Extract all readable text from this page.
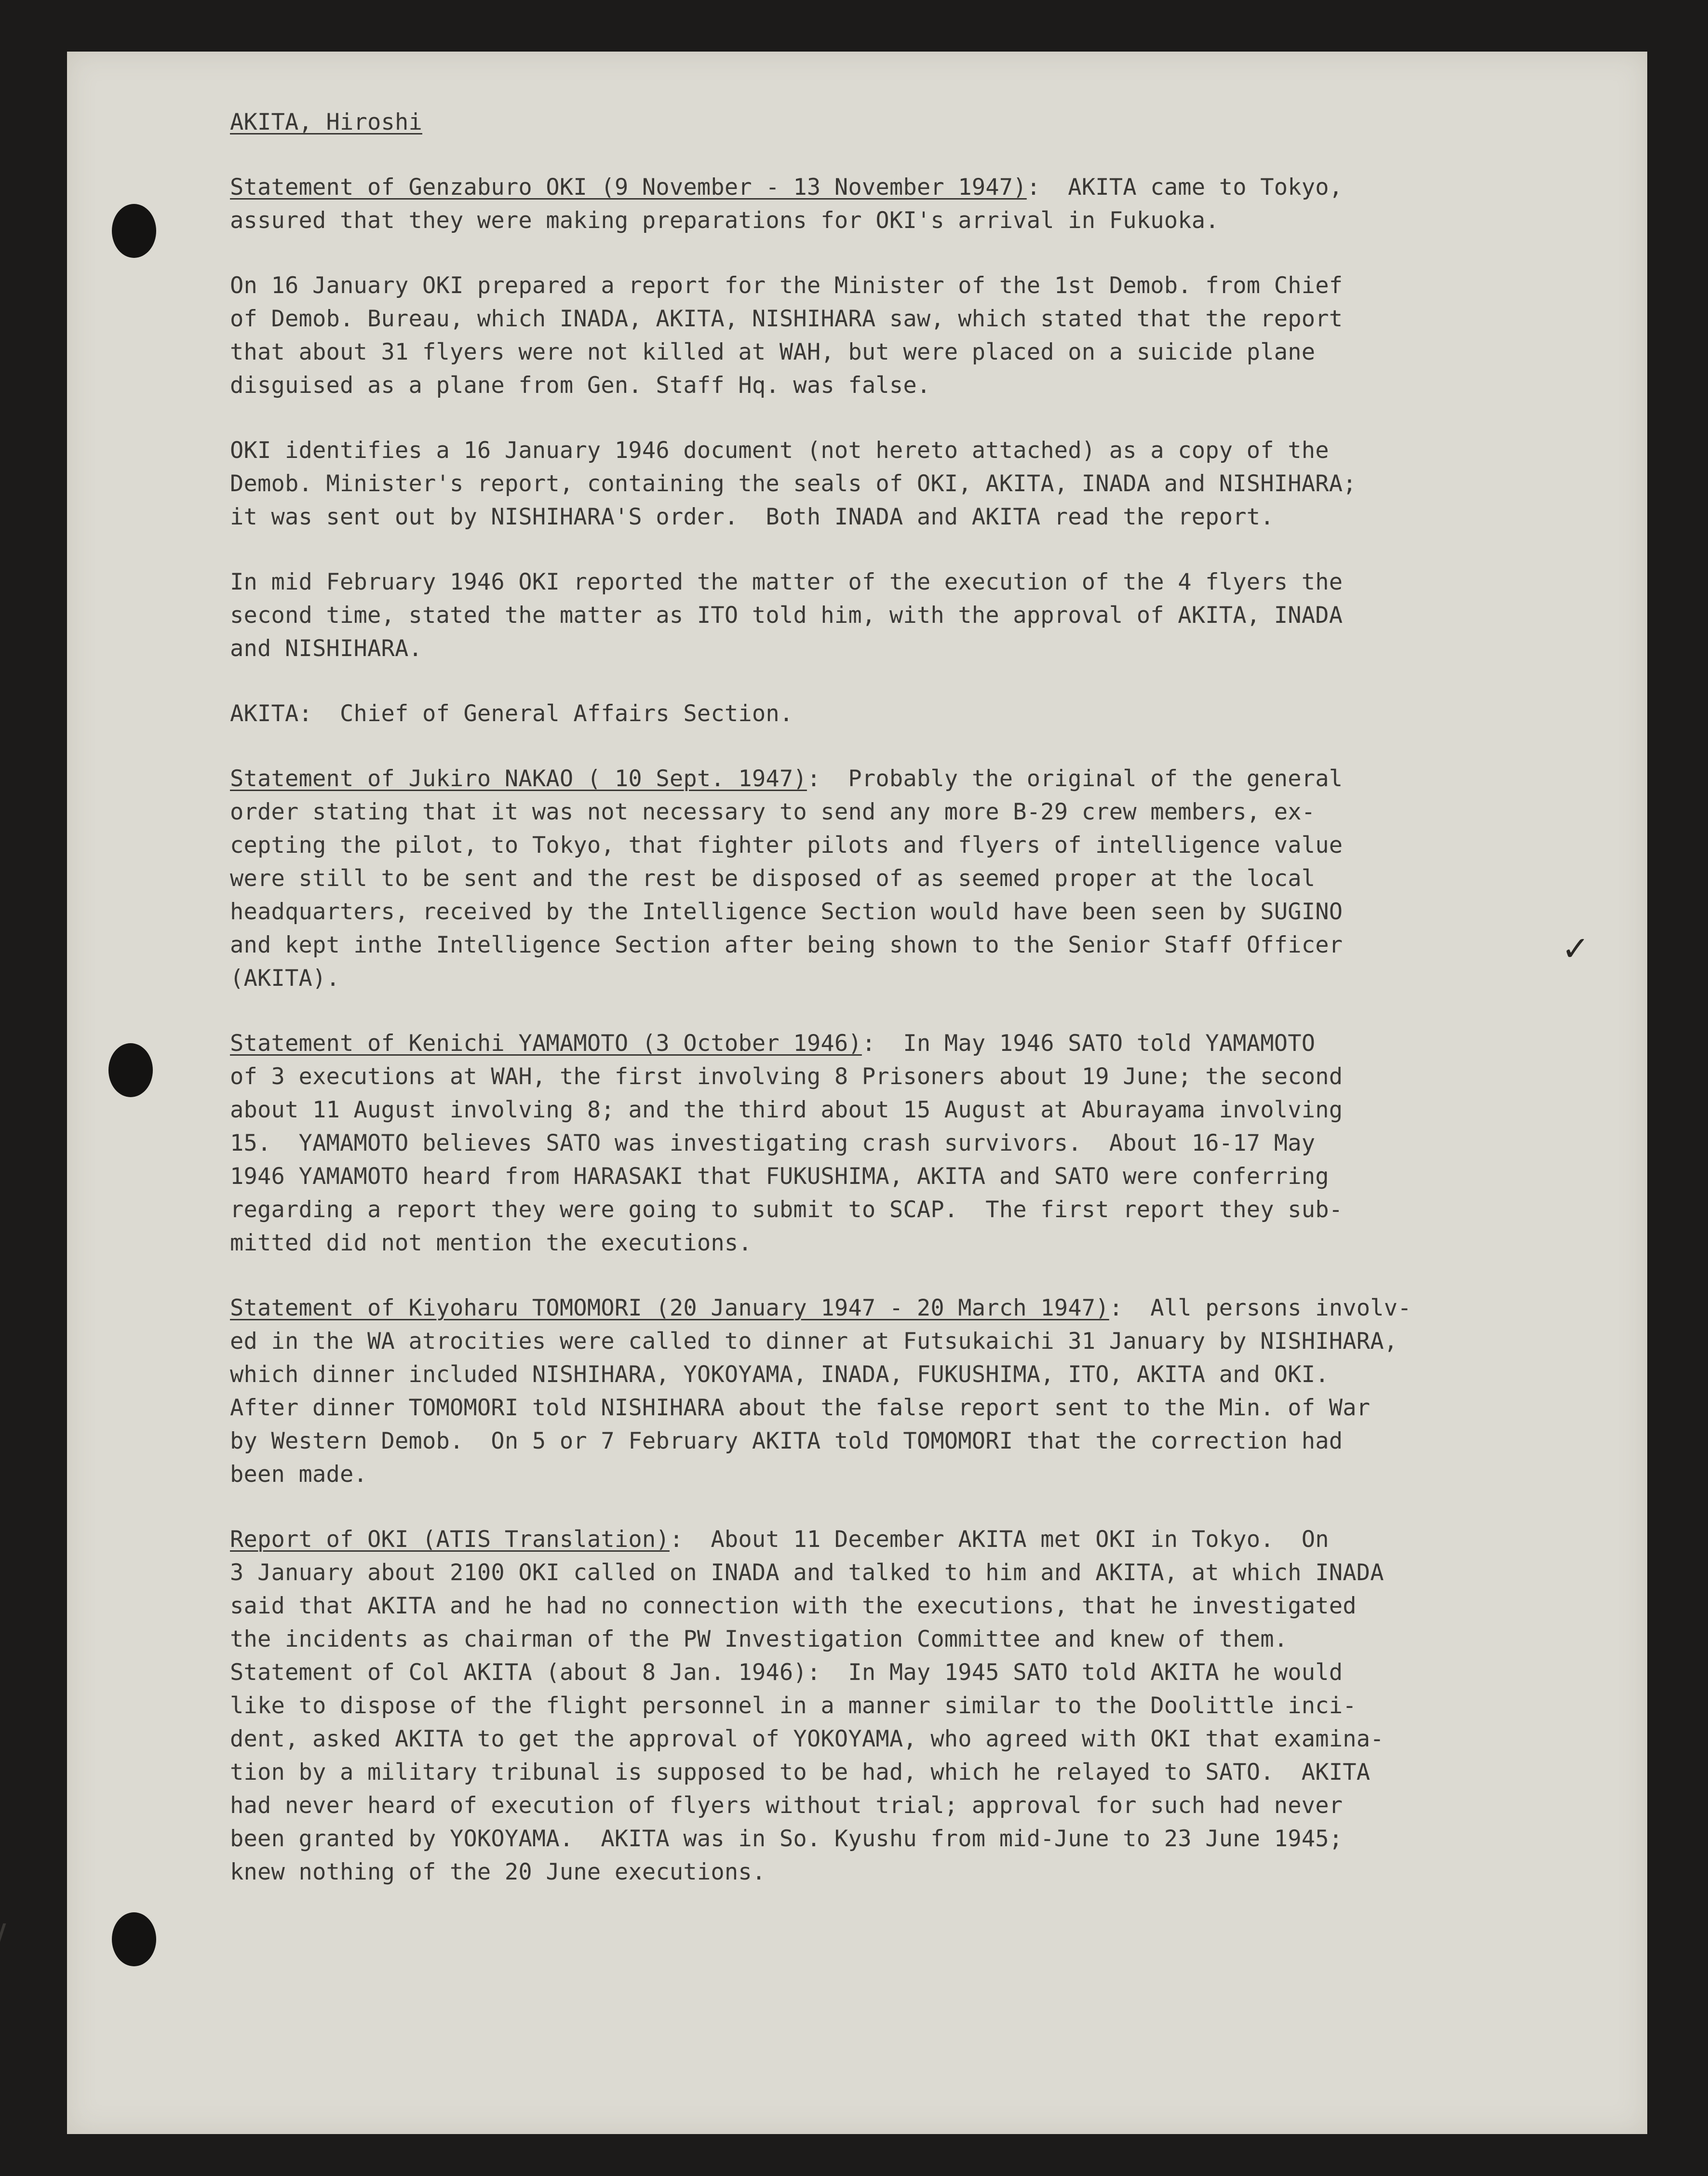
AKITA, Hiroshi
Statement of Genzaburo OKI (9 November - 13 November 1947):  AKITA came to Tokyo,
assured that they were making preparations for OKI's arrival in Fukuoka.
On 16 January OKI prepared a report for the Minister of the 1st Demob. from Chief
of Demob. Bureau, which INADA, AKITA, NISHIHARA saw, which stated that the report
that about 31 flyers were not killed at WAH, but were placed on a suicide plane
disguised as a plane from Gen. Staff Hq. was false.
OKI identifies a 16 January 1946 document (not hereto attached) as a copy of the
Demob. Minister's report, containing the seals of OKI, AKITA, INADA and NISHIHARA;
it was sent out by NISHIHARA'S order.  Both INADA and AKITA read the report.
In mid February 1946 OKI reported the matter of the execution of the 4 flyers the
second time, stated the matter as ITO told him, with the approval of AKITA, INADA
and NISHIHARA.
AKITA:  Chief of General Affairs Section.
Statement of Jukiro NAKAO ( 10 Sept. 1947):  Probably the original of the general
order stating that it was not necessary to send any more B-29 crew members, ex-
cepting the pilot, to Tokyo, that fighter pilots and flyers of intelligence value
were still to be sent and the rest be disposed of as seemed proper at the local
headquarters, received by the Intelligence Section would have been seen by SUGINO
and kept inthe Intelligence Section after being shown to the Senior Staff Officer
(AKITA).
Statement of Kenichi YAMAMOTO (3 October 1946):  In May 1946 SATO told YAMAMOTO
of 3 executions at WAH, the first involving 8 Prisoners about 19 June; the second
about 11 August involving 8; and the third about 15 August at Aburayama involving
15.  YAMAMOTO believes SATO was investigating crash survivors.  About 16-17 May
1946 YAMAMOTO heard from HARASAKI that FUKUSHIMA, AKITA and SATO were conferring
regarding a report they were going to submit to SCAP.  The first report they sub-
mitted did not mention the executions.
Statement of Kiyoharu TOMOMORI (20 January 1947 - 20 March 1947):  All persons involv-
ed in the WA atrocities were called to dinner at Futsukaichi 31 January by NISHIHARA,
which dinner included NISHIHARA, YOKOYAMA, INADA, FUKUSHIMA, ITO, AKITA and OKI.
After dinner TOMOMORI told NISHIHARA about the false report sent to the Min. of War
by Western Demob.  On 5 or 7 February AKITA told TOMOMORI that the correction had
been made.
Report of OKI (ATIS Translation):  About 11 December AKITA met OKI in Tokyo.  On
3 January about 2100 OKI called on INADA and talked to him and AKITA, at which INADA
said that AKITA and he had no connection with the executions, that he investigated
the incidents as chairman of the PW Investigation Committee and knew of them.
Statement of Col AKITA (about 8 Jan. 1946):  In May 1945 SATO told AKITA he would
like to dispose of the flight personnel in a manner similar to the Doolittle inci-
dent, asked AKITA to get the approval of YOKOYAMA, who agreed with OKI that examina-
tion by a military tribunal is supposed to be had, which he relayed to SATO.  AKITA
had never heard of execution of flyers without trial; approval for such had never
been granted by YOKOYAMA.  AKITA was in So. Kyushu from mid-June to 23 June 1945;
knew nothing of the 20 June executions.
✓
